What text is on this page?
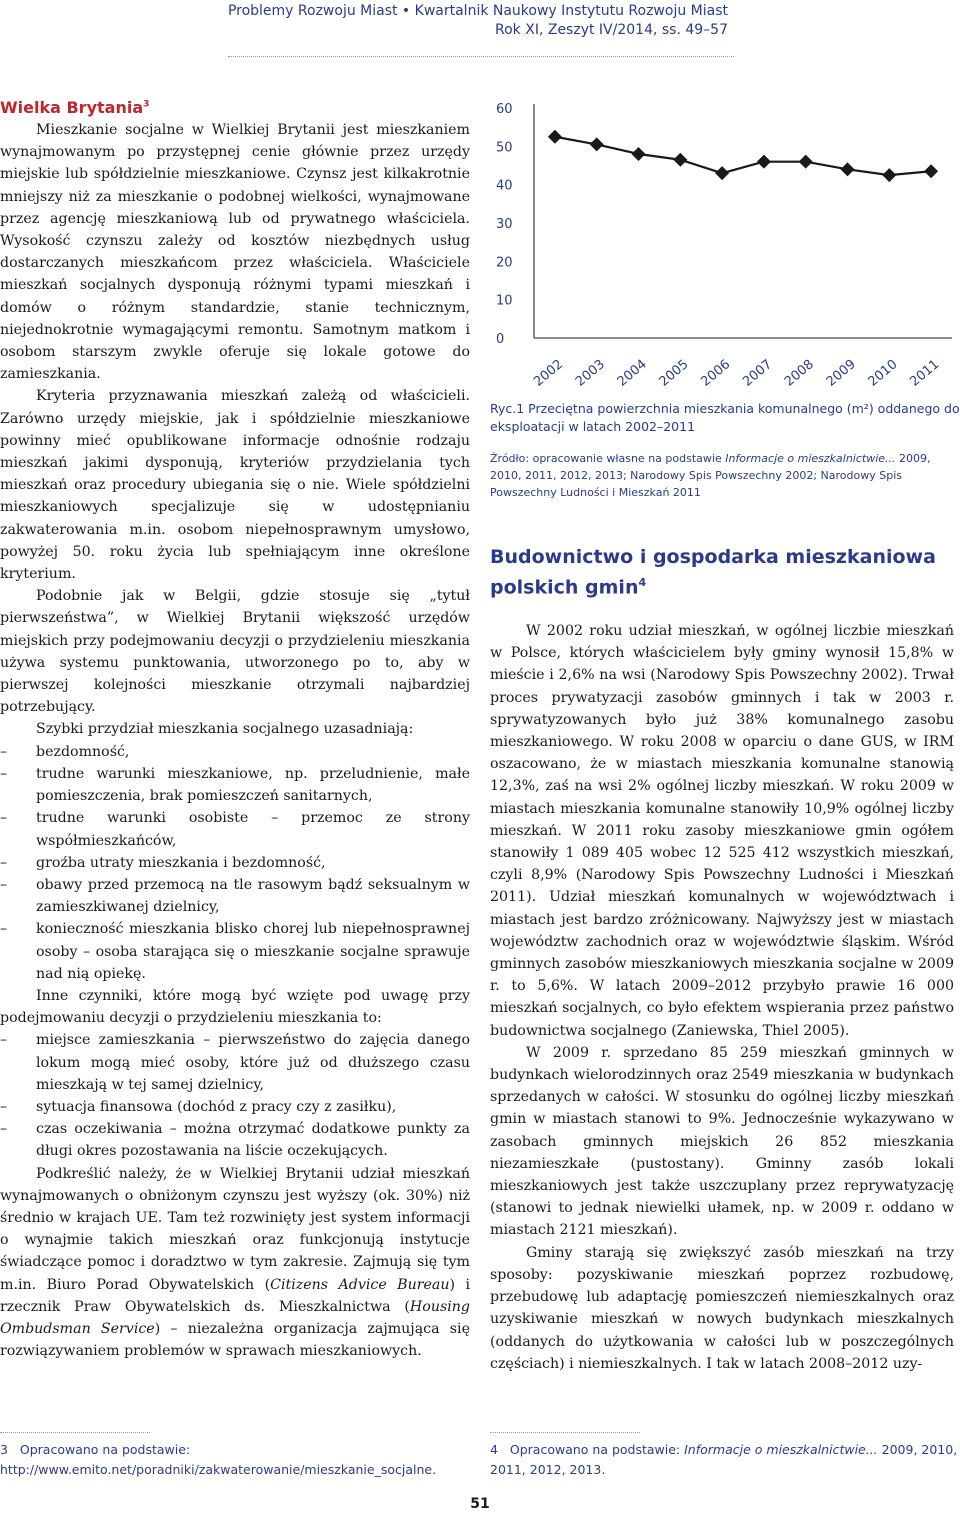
Problemy Rozwoju Miast • Kwartalnik Naukowy Instytutu Rozwoju Miast
Rok XI, Zeszyt IV/2014, ss. 49–57
Wielka Brytania$^3$

Mieszkanie socjalne w Wielkiej Brytanii jest mieszkaniem wynajmowanym po przystępnej cenie głównie przez urzędy miejskie lub spółdzielnie mieszkaniowe. Czynsz jest kilkakrotnie mniejszy niż za mieszkanie o podobnej wielkości, wynajmowane przez agencję mieszkaniową lub od prywatnego właściciela. Wysokość czynszu zależy od kosztów niezbędnych usług dostarczanych mieszkańcom przez właściciela. Właściciele mieszkań socjalnych dysponują różnymi typami mieszkań i domów o różnym standardzie, stanie technicznym, niejednokrotnie wymagającymi remontu. Samotnym matkom i osobom starszym zwykle oferuje się lokale gotowe do zamieszkania.

Kryteria przyznawania mieszkań zależą od właścicieli. Zarówno urzędy miejskie, jak i spółdzielnie mieszkaniowe powinny mieć opublikowane informacje odnośnie rodzaju mieszkań jakimi dysponują, kryteriów przydzielania tych mieszkań oraz procedury ubiegania się o nie. Wiele spółdzielni mieszkaniowych specjalizuje się w udostępnianiu zakwaterowania m.in. osobom niepełnosprawnym umysłowo, powyżej 50. roku życia lub spełniającym inne określone kryterium.

Podobnie jak w Belgii, gdzie stosuje się „tytuł pierwszeństwa”, w Wielkiej Brytanii większość urzędów miejskich przy podejmowaniu decyzji o przydzieleniu mieszkania używa systemu punktowania, utworzonego po to, aby w pierwszej kolejności mieszkanie otrzymali najbardziej potrzebujący.

Szybki przydział mieszkania socjalnego uzasadniają:

– bezdomność,
– trudne warunki mieszkaniowe, np. przeludnienie, małe pomieszczenia, brak pomieszczeń sanitarnych,
– trudne warunki osobiste – przemoc ze strony współmieszkańców,
– groźba utraty mieszkania i bezdomność,
– obawy przed przemocą na tle rasowym bądź seksualnym w zamieszkiwanej dzielnicy,
– konieczność mieszkania blisko chorej lub niepełnosprawnej osoby – osoba starająca się o mieszkanie socjalne sprawuje nad nią opiekę.

Inne czynniki, które mogą być wzięte pod uwagę przy podejmowaniu decyzji o przydzieleniu mieszkania to:

– miejsce zamieszkania – pierwszeństwo do zajęcia danego lokum mogą mieć osoby, które już od dłuższego czasu mieszkają w tej samej dzielnicy,
– sytuacja finansowa (dochód z pracy czy z zasiłku),
– czas oczekiwania – można otrzymać dodatkowe punkty za długi okres pozostawania na liście oczekujących.

Podkreślić należy, że w Wielkiej Brytanii udział mieszkań wynajmowanych o obniżonym czynszu jest wyższy (ok. 30%) niż średnio w krajach UE. Tam też rozwinięty jest system informacji o wynajmie takich mieszkań oraz funkcjonują instytucje świadczące pomoc i doradztwo w tym zakresie. Zajmują się tym m.in. Biuro Porad Obywatelskich (Citizens Advice Bureau) i rzecznik Praw Obywatelskich ds. Mieszkalnictwa (Housing Ombudsman Service) – niezależna organizacja zajmująca się rozwiązywaniem problemów w sprawach mieszkaniowych.

0
10
20
30
40
50
60
2002 2003 2004 2005 2006 2007 2008 2009 2010 2011
Ryc.1 Przeciętna powierzchnia mieszkania komunalnego (m²) oddanego do eksploatacji w latach 2002–2011
Źródło: opracowanie własne na podstawie Informacje o mieszkalnictwie... 2009, 2010, 2011, 2012, 2013; Narodowy Spis Powszechny 2002; Narodowy Spis Powszechny Ludności i Mieszkań 2011
Budownictwo i gospodarka mieszkaniowa polskich gmin$^4$

W 2002 roku udział mieszkań, w ogólnej liczbie mieszkań w Polsce, których właścicielem były gminy wynosił 15,8% w mieście i 2,6% na wsi (Narodowy Spis Powszechny 2002). Trwał proces prywatyzacji zasobów gminnych i tak w 2003 r. sprywatyzowanych było już 38% komunalnego zasobu mieszkaniowego. W roku 2008 w oparciu o dane GUS, w IRM oszacowano, że w miastach mieszkania komunalne stanowią 12,3%, zaś na wsi 2% ogólnej liczby mieszkań. W roku 2009 w miastach mieszkania komunalne stanowiły 10,9% ogólnej liczby mieszkań. W 2011 roku zasoby mieszkaniowe gmin ogółem stanowiły 1 089 405 wobec 12 525 412 wszystkich mieszkań, czyli 8,9% (Narodowy Spis Powszechny Ludności i Mieszkań 2011). Udział mieszkań komunalnych w województwach i miastach jest bardzo zróżnicowany. Najwyższy jest w miastach województw zachodnich oraz w województwie śląskim. Wśród gminnych zasobów mieszkaniowych mieszkania socjalne w 2009 r. to 5,6%. W latach 2009–2012 przybyło prawie 16 000 mieszkań socjalnych, co było efektem wspierania przez państwo budownictwa socjalnego (Zaniewska, Thiel 2005).

W 2009 r. sprzedano 85 259 mieszkań gminnych w budynkach wielorodzinnych oraz 2549 mieszkania w budynkach sprzedanych w całości. W stosunku do ogólnej liczby mieszkań gmin w miastach stanowi to 9%. Jednocześnie wykazywano w zasobach gminnych miejskich 26 852 mieszkania niezamieszkałe (pustostany). Gminny zasób lokali mieszkaniowych jest także uszczuplany przez reprywatyzację (stanowi to jednak niewielki ułamek, np. w 2009 r. oddano w miastach 2121 mieszkań).

Gminy starają się zwiększyć zasób mieszkań na trzy sposoby: pozyskiwanie mieszkań poprzez rozbudowę, przebudowę lub adaptację pomieszczeń niemieszkalnych oraz uzyskiwanie mieszkań w nowych budynkach mieszkalnych (oddanych do użytkowania w całości lub w poszczególnych częściach) i niemieszkalnych. I tak w latach 2008–2012 uzy-

3 Opracowano na podstawie: http://www.emito.net/poradniki/zakwaterowanie/mieszkanie_socjalne.
4 Opracowano na podstawie: Informacje o mieszkalnictwie... 2009, 2010, 2011, 2012, 2013.
51
